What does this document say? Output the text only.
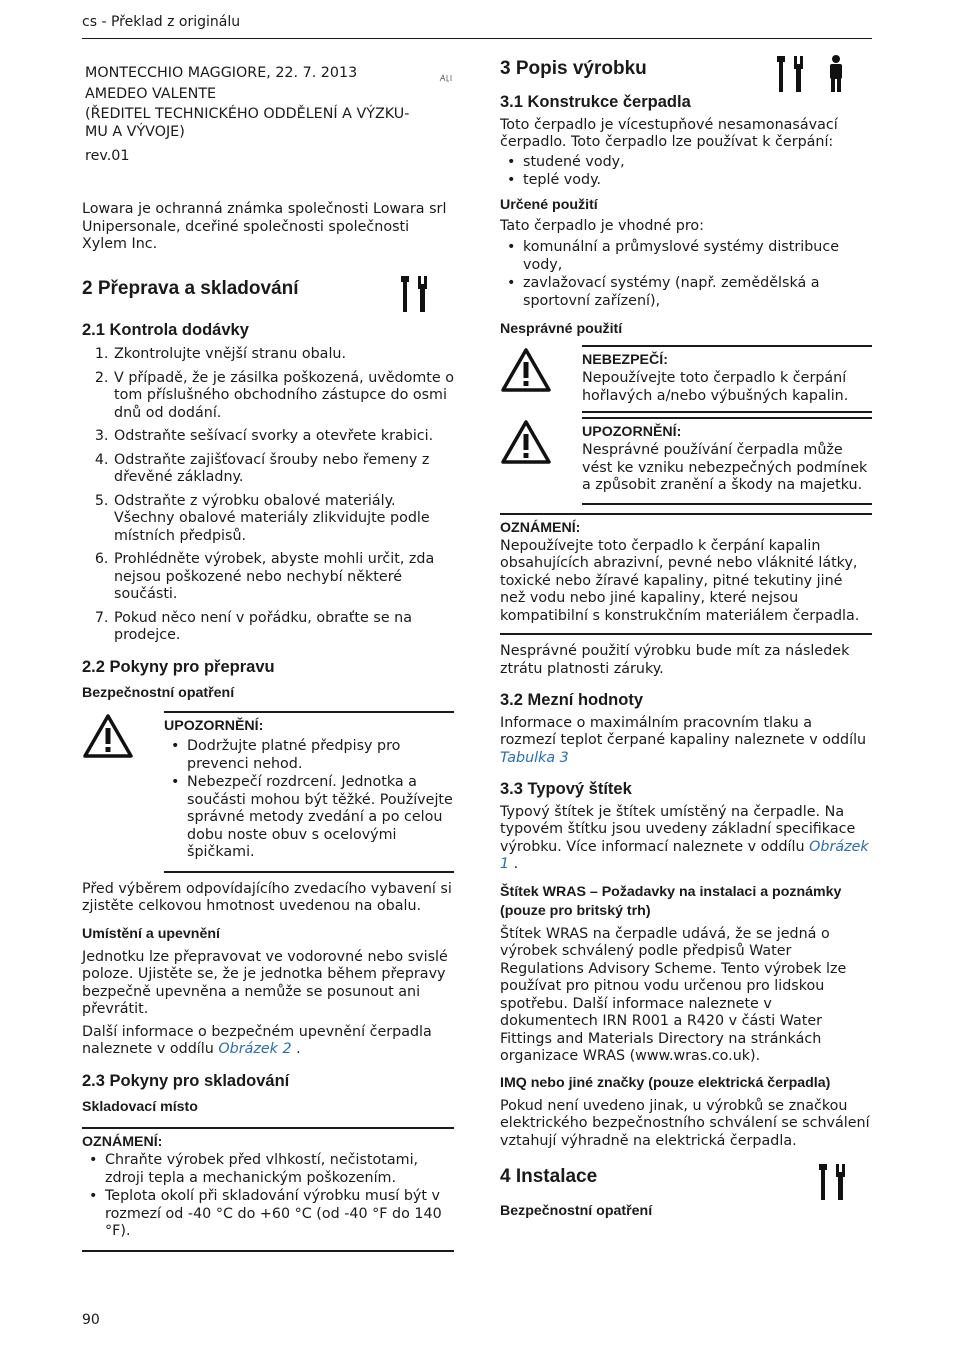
cs - Překlad z originálu
MONTECCHIO MAGGIORE, 22. 7. 2013
AMEDEO VALENTE
(ŘEDITEL TECHNICKÉHO ODDĚLENÍ A VÝZKU-
MU A VÝVOJE)
rev.01

Lowara je ochranná známka společnosti Lowara srl Unipersonale, dceřiné společnosti společnosti Xylem Inc.

2 Přeprava a skladování
2.1 Kontrola dodávky
1. Zkontrolujte vnější stranu obalu.
2. V případě, že je zásilka poškozená, uvědomte o tom příslušného obchodního zástupce do osmi dnů od dodání.
3. Odstraňte sešívací svorky a otevřete krabici.
4. Odstraňte zajišťovací šrouby nebo řemeny z dřevěné základny.
5. Odstraňte z výrobku obalové materiály. Všechny obalové materiály zlikvidujte podle místních předpisů.
6. Prohlédněte výrobek, abyste mohli určit, zda nejsou poškozené nebo nechybí některé součásti.
7. Pokud něco není v pořádku, obraťte se na prodejce.
2.2 Pokyny pro přepravu
Bezpečnostní opatření
UPOZORNĚNÍ:
• Dodržujte platné předpisy pro prevenci nehod.
• Nebezpečí rozdrcení. Jednotka a součásti mohou být těžké. Používejte správné metody zvedání a po celou dobu noste obuv s ocelovými špičkami.

Před výběrem odpovídajícího zvedacího vybavení si zjistěte celkovou hmotnost uvedenou na obalu.

Umístění a upevnění

Jednotku lze přepravovat ve vodorovné nebo svislé poloze. Ujistěte se, že je jednotka během přepravy bezpečně upevněna a nemůže se posunout ani převrátit.

Další informace o bezpečném upevnění čerpadla naleznete v oddílu Obrázek 2 .

2.3 Pokyny pro skladování
Skladovací místo
OZNÁMENÍ:
• Chraňte výrobek před vlhkostí, nečistotami, zdroji tepla a mechanickým poškozením.
• Teplota okolí při skladování výrobku musí být v rozmezí od -40 °C do +60 °C (od -40 °F do 140 °F).
3 Popis výrobku
3.1 Konstrukce čerpadla

Toto čerpadlo je vícestupňové nesamonasávací čerpadlo. Toto čerpadlo lze používat k čerpání:

• studené vody,
• teplé vody.
Určené použití

Tato čerpadlo je vhodné pro:

• komunální a průmyslové systémy distribuce vody,
• zavlažovací systémy (např. zemědělská a sportovní zařízení),
Nesprávné použití
NEBEZPEČÍ:

Nepoužívejte toto čerpadlo k čerpání hořlavých a/nebo výbušných kapalin.

UPOZORNĚNÍ:

Nesprávné používání čerpadla může vést ke vzniku nebezpečných podmínek a způsobit zranění a škody na majetku.

OZNÁMENÍ:

Nepoužívejte toto čerpadlo k čerpání kapalin obsahujících abrazivní, pevné nebo vláknité látky, toxické nebo žíravé kapaliny, pitné tekutiny jiné než vodu nebo jiné kapaliny, které nejsou kompatibilní s konstrukčním materiálem čerpadla.

Nesprávné použití výrobku bude mít za následek ztrátu platnosti záruky.

3.2 Mezní hodnoty

Informace o maximálním pracovním tlaku a rozmezí teplot čerpané kapaliny naleznete v oddílu Tabulka 3

3.3 Typový štítek

Typový štítek je štítek umístěný na čerpadle. Na typovém štítku jsou uvedeny základní specifikace výrobku. Více informací naleznete v oddílu Obrázek 1 .

Štítek WRAS – Požadavky na instalaci a poznámky (pouze pro britský trh)

Štítek WRAS na čerpadle udává, že se jedná o výrobek schválený podle předpisů Water Regulations Advisory Scheme. Tento výrobek lze používat pro pitnou vodu určenou pro lidskou spotřebu. Další informace naleznete v dokumentech IRN R001 a R420 v části Water Fittings and Materials Directory na stránkách organizace WRAS (www.wras.co.uk).

IMQ nebo jiné značky (pouze elektrická čerpadla)

Pokud není uvedeno jinak, u výrobků se značkou elektrického bezpečnostního schválení se schválení vztahují výhradně na elektrická čerpadla.

4 Instalace
Bezpečnostní opatření
90
